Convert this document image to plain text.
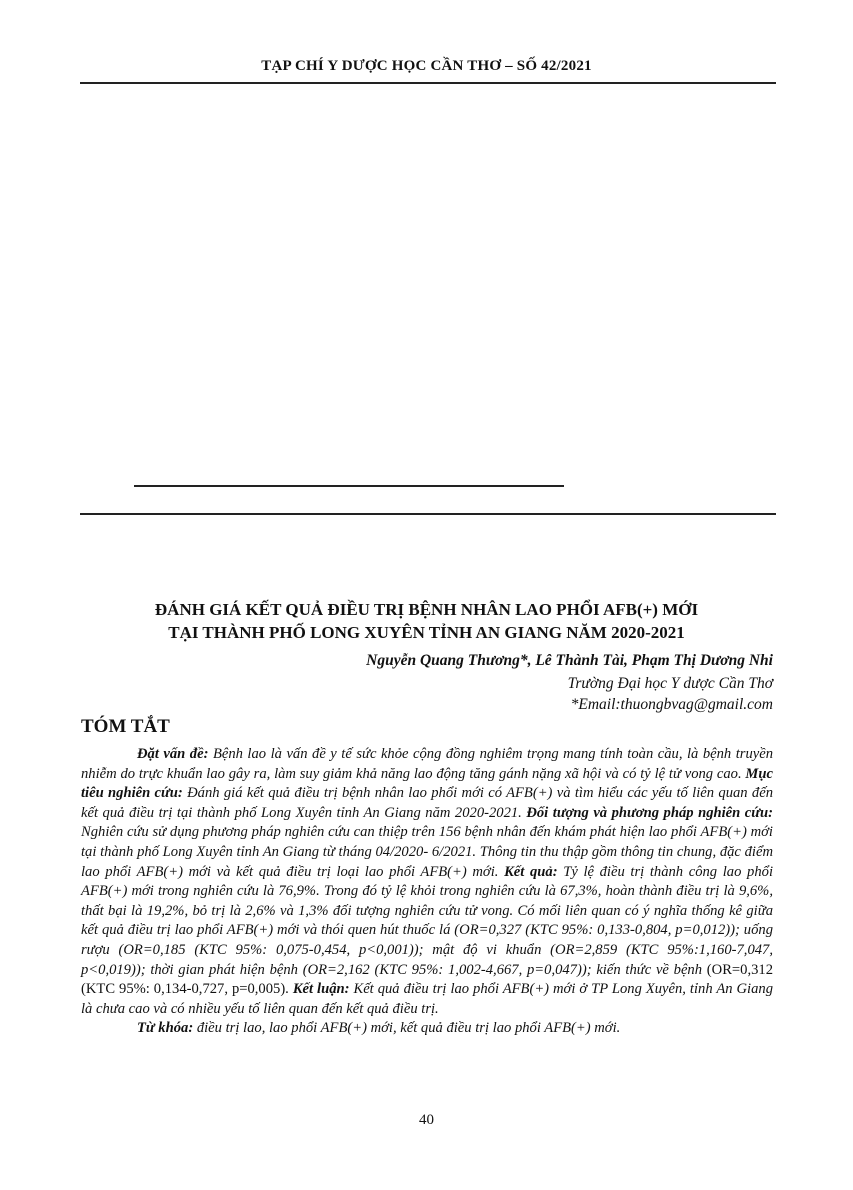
TẠP CHÍ Y DƯỢC HỌC CẦN THƠ – SỐ 42/2021
ĐÁNH GIÁ KẾT QUẢ ĐIỀU TRỊ BỆNH NHÂN LAO PHỔI AFB(+) MỚI
TẠI THÀNH PHỐ LONG XUYÊN TỈNH AN GIANG NĂM 2020-2021
Nguyễn Quang Thương*, Lê Thành Tài, Phạm Thị Dương Nhi
Trường Đại học Y dược Cần Thơ
*Email:thuongbvag@gmail.com
TÓM TẮT

Đặt vấn đề: Bệnh lao là vấn đề y tế sức khỏe cộng đồng nghiêm trọng mang tính toàn cầu, là bệnh truyền nhiễm do trực khuẩn lao gây ra, làm suy giảm khả năng lao động tăng gánh nặng xã hội và có tỷ lệ tử vong cao. Mục tiêu nghiên cứu: Đánh giá kết quả điều trị bệnh nhân lao phổi mới có AFB(+) và tìm hiểu các yếu tố liên quan đến kết quả điều trị tại thành phố Long Xuyên tỉnh An Giang năm 2020-2021. Đối tượng và phương pháp nghiên cứu: Nghiên cứu sử dụng phương pháp nghiên cứu can thiệp trên 156 bệnh nhân đến khám phát hiện lao phổi AFB(+) mới tại thành phố Long Xuyên tỉnh An Giang từ tháng 04/2020- 6/2021. Thông tin thu thập gồm thông tin chung, đặc điểm lao phổi AFB(+) mới và kết quả điều trị loại lao phổi AFB(+) mới. Kết quả: Tỷ lệ điều trị thành công lao phổi AFB(+) mới trong nghiên cứu là 76,9%. Trong đó tỷ lệ khỏi trong nghiên cứu là 67,3%, hoàn thành điều trị là 9,6%, thất bại là 19,2%, bỏ trị là 2,6% và 1,3% đối tượng nghiên cứu tử vong. Có mối liên quan có ý nghĩa thống kê giữa kết quả điều trị lao phổi AFB(+) mới và thói quen hút thuốc lá (OR=0,327 (KTC 95%: 0,133-0,804, p=0,012)); uống rượu (OR=0,185 (KTC 95%: 0,075-0,454, p<0,001)); mật độ vi khuẩn (OR=2,859 (KTC 95%:1,160-7,047, p<0,019)); thời gian phát hiện bệnh (OR=2,162 (KTC 95%: 1,002-4,667, p=0,047)); kiến thức về bệnh (OR=0,312 (KTC 95%: 0,134-0,727, p=0,005). Kết luận: Kết quả điều trị lao phổi AFB(+) mới ở TP Long Xuyên, tỉnh An Giang là chưa cao và có nhiều yếu tố liên quan đến kết quả điều trị.

Từ khóa: điều trị lao, lao phổi AFB(+) mới, kết quả điều trị lao phổi AFB(+) mới.

40
